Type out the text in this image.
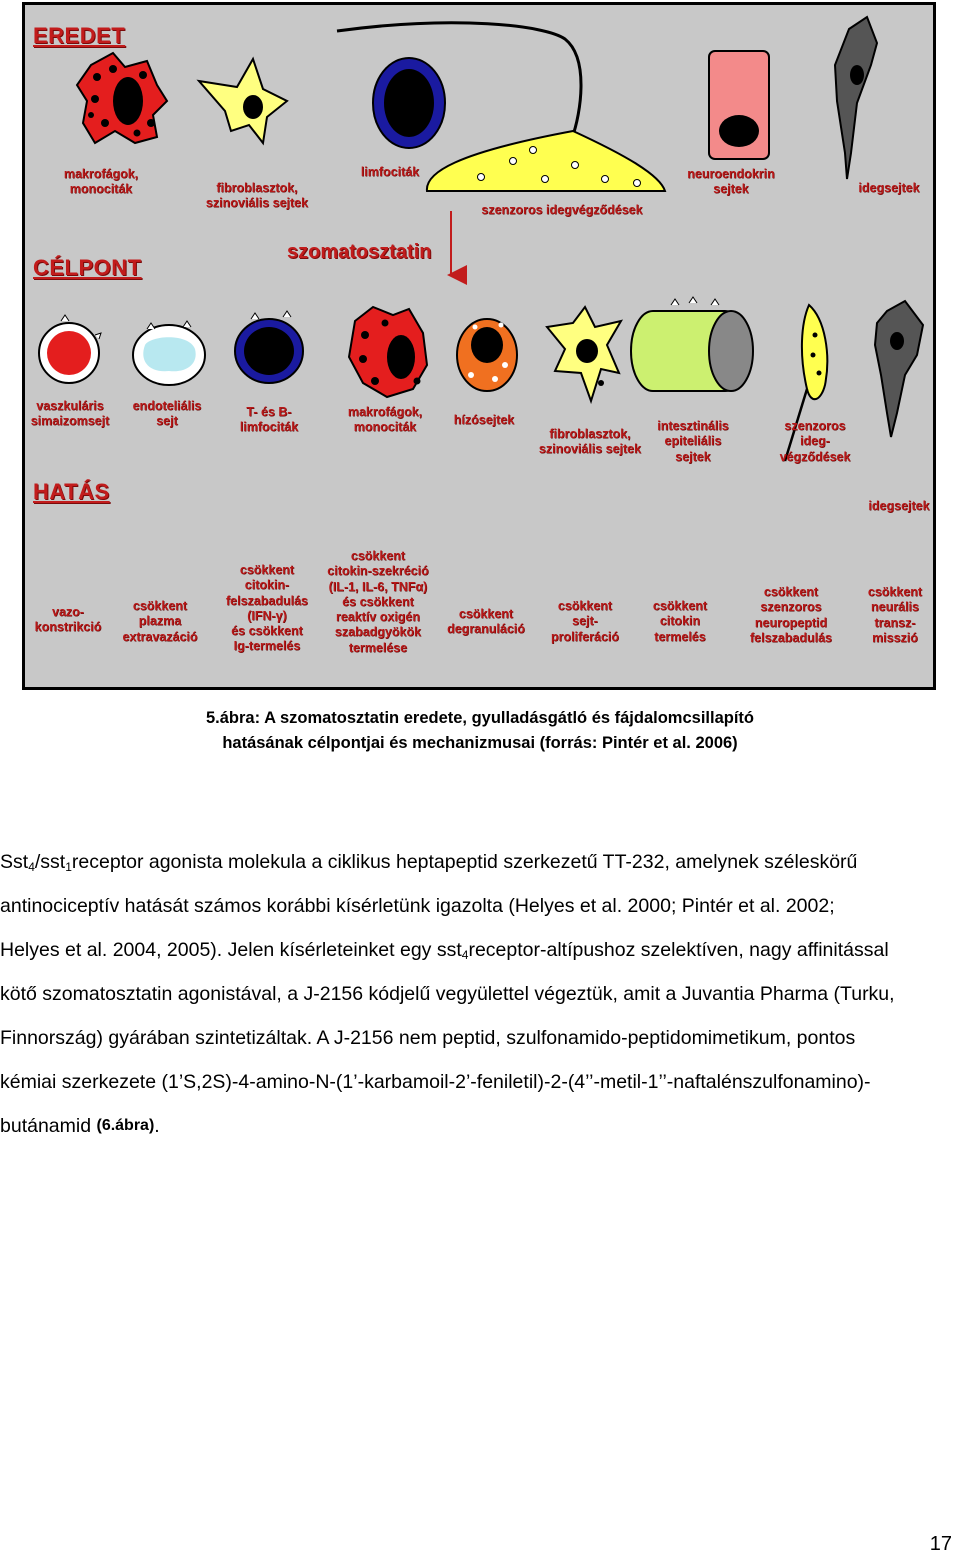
EREDET
CÉLPONT
HATÁS
szomatosztatin
makrofágok,
monociták	fibroblasztok,
szinoviális sejtek
limfociták
szenzoros idegvégződések
neuroendokrin
sejtek	idegsejtek
vaszkuláris
simaizomsejt
endoteliális
sejt
T- és B-
limfociták
makrofágok,
monociták
hízósejtek
fibroblasztok,
szinoviális sejtek
intesztinális
epiteliális
sejtek
szenzoros
ideg-
végződések
idegsejtek
vazo-
konstrikció
csökkent
plazma
extravazáció
csökkent
citokin-
felszabadulás
(IFN-γ)
és csökkent
Ig-termelés
csökkent
citokin-szekréció
(IL-1, IL-6, TNFα)
és csökkent
reaktív oxigén
szabadgyökök
termelése
csökkent
degranuláció
csökkent
sejt-
proliferáció
csökkent
citokin
termelés
csökkent
szenzoros
neuropeptid
felszabadulás
csökkent
neurális
transz-
misszió
5.ábra: A szomatosztatin eredete, gyulladásgátló és fájdalomcsillapító
hatásának célpontjai és mechanizmusai (forrás: Pintér et al. 2006)
Sst$_4$/sst$_1$receptor agonista molekula a ciklikus heptapeptid szerkezetű TT-232, amelynek széleskörű
antinociceptív hatását számos korábbi kísérletünk igazolta (Helyes et al. 2000; Pintér et al. 2002;
Helyes et al. 2004, 2005). Jelen kísérleteinket egy sst$_4$receptor-altípushoz szelektíven, nagy affinitással
kötő szomatosztatin agonistával, a J-2156 kódjelű vegyülettel végeztük, amit a Juvantia Pharma (Turku,
Finnország) gyárában szintetizáltak. A J-2156 nem peptid, szulfonamido-peptidomimetikum, pontos
kémiai szerkezete (1’S,2S)-4-amino-N-(1’-karbamoil-2’-feniletil)-2-(4’’-metil-1’’-naftalénszulfonamino)-
butánamid (6.ábra) .
17
